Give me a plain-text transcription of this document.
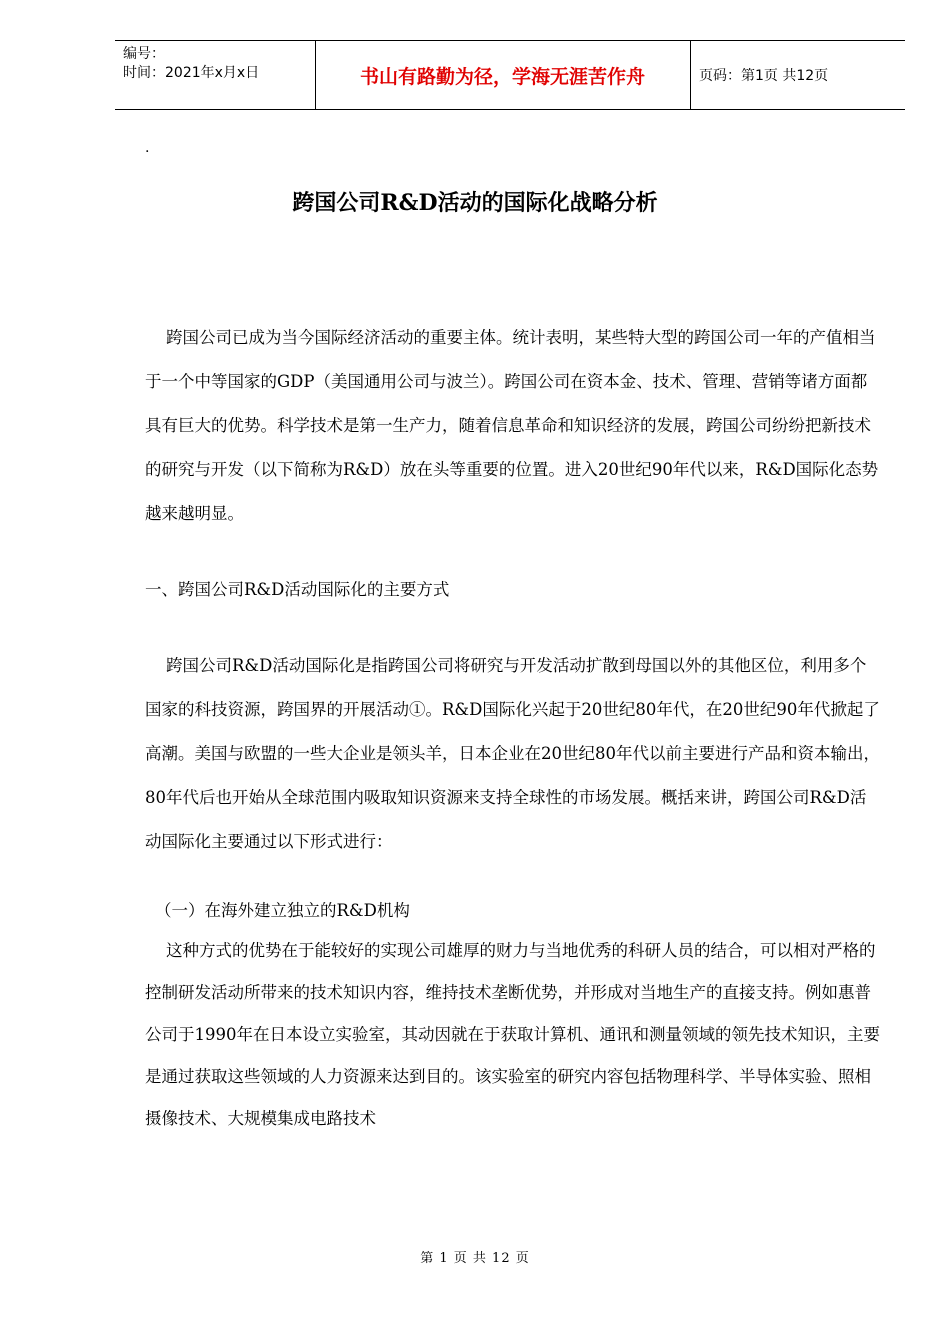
编号：
时间：2021年x月x日	书山有路勤为径，学海无涯苦作舟	页码：第1页 共12页
.
跨国公司R&D活动的国际化战略分析

跨国公司已成为当今国际经济活动的重要主体。统计表明，某些特大型的跨国公司一年的产值相当于一个中等国家的GDP（美国通用公司与波兰）。跨国公司在资本金、技术、管理、营销等诸方面都具有巨大的优势。科学技术是第一生产力，随着信息革命和知识经济的发展，跨国公司纷纷把新技术的研究与开发（以下简称为R&D）放在头等重要的位置。进入20世纪90年代以来，R&D国际化态势越来越明显。

一、跨国公司R&D活动国际化的主要方式

跨国公司R&D活动国际化是指跨国公司将研究与开发活动扩散到母国以外的其他区位，利用多个国家的科技资源，跨国界的开展活动①。R&D国际化兴起于20世纪80年代，在20世纪90年代掀起了高潮。美国与欧盟的一些大企业是领头羊，日本企业在20世纪80年代以前主要进行产品和资本输出，80年代后也开始从全球范围内吸取知识资源来支持全球性的市场发展。概括来讲，跨国公司R&D活动国际化主要通过以下形式进行：

（一）在海外建立独立的R&D机构

这种方式的优势在于能较好的实现公司雄厚的财力与当地优秀的科研人员的结合，可以相对严格的控制研发活动所带来的技术知识内容，维持技术垄断优势，并形成对当地生产的直接支持。例如惠普公司于1990年在日本设立实验室，其动因就在于获取计算机、通讯和测量领域的领先技术知识，主要是通过获取这些领域的人力资源来达到目的。该实验室的研究内容包括物理科学、半导体实验、照相摄像技术、大规模集成电路技术

第 1 页 共 12 页
